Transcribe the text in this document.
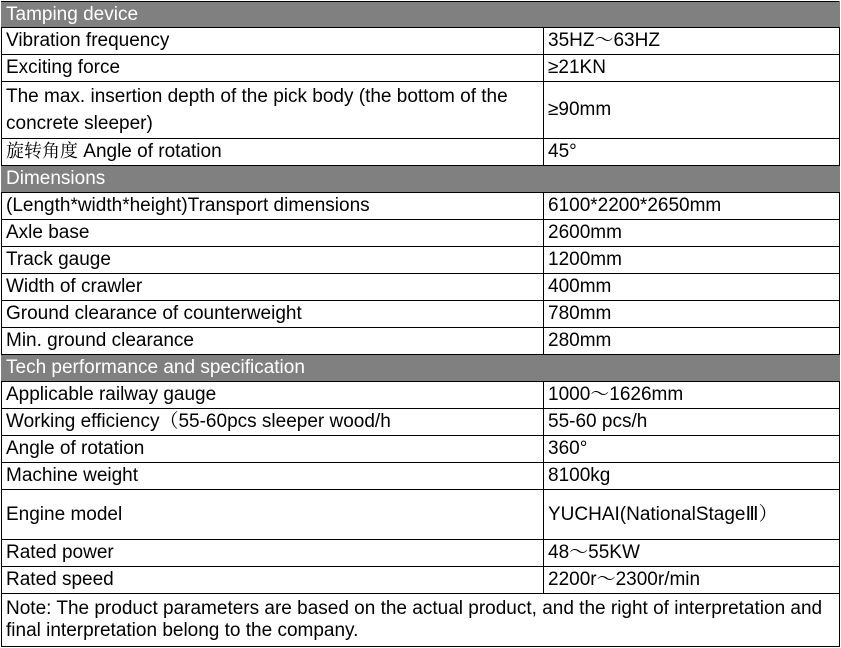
Tamping device	
Vibration frequency	35HZ～63HZ
Exciting force	≥21KN
The max. insertion depth of the pick body (the bottom of the concrete sleeper)	≥90mm
旋转角度 Angle of rotation	45°
Dimensions	
(Length*width*height)Transport dimensions	6100*2200*2650mm
Axle base	2600mm
Track gauge	1200mm
Width of crawler	400mm
Ground clearance of counterweight	780mm
Min. ground clearance	280mm
Tech performance and specification	
Applicable railway gauge	1000～1626mm
Working efficiency（55-60pcs sleeper wood/h	55-60 pcs/h
Angle of rotation	360°
Machine weight	8100kg
Engine model	YUCHAI(NationalStageⅢ）
Rated power	48～55KW
Rated speed	2200r～2300r/min
Note: The product parameters are based on the actual product, and the right of interpretation and final interpretation belong to the company.	
